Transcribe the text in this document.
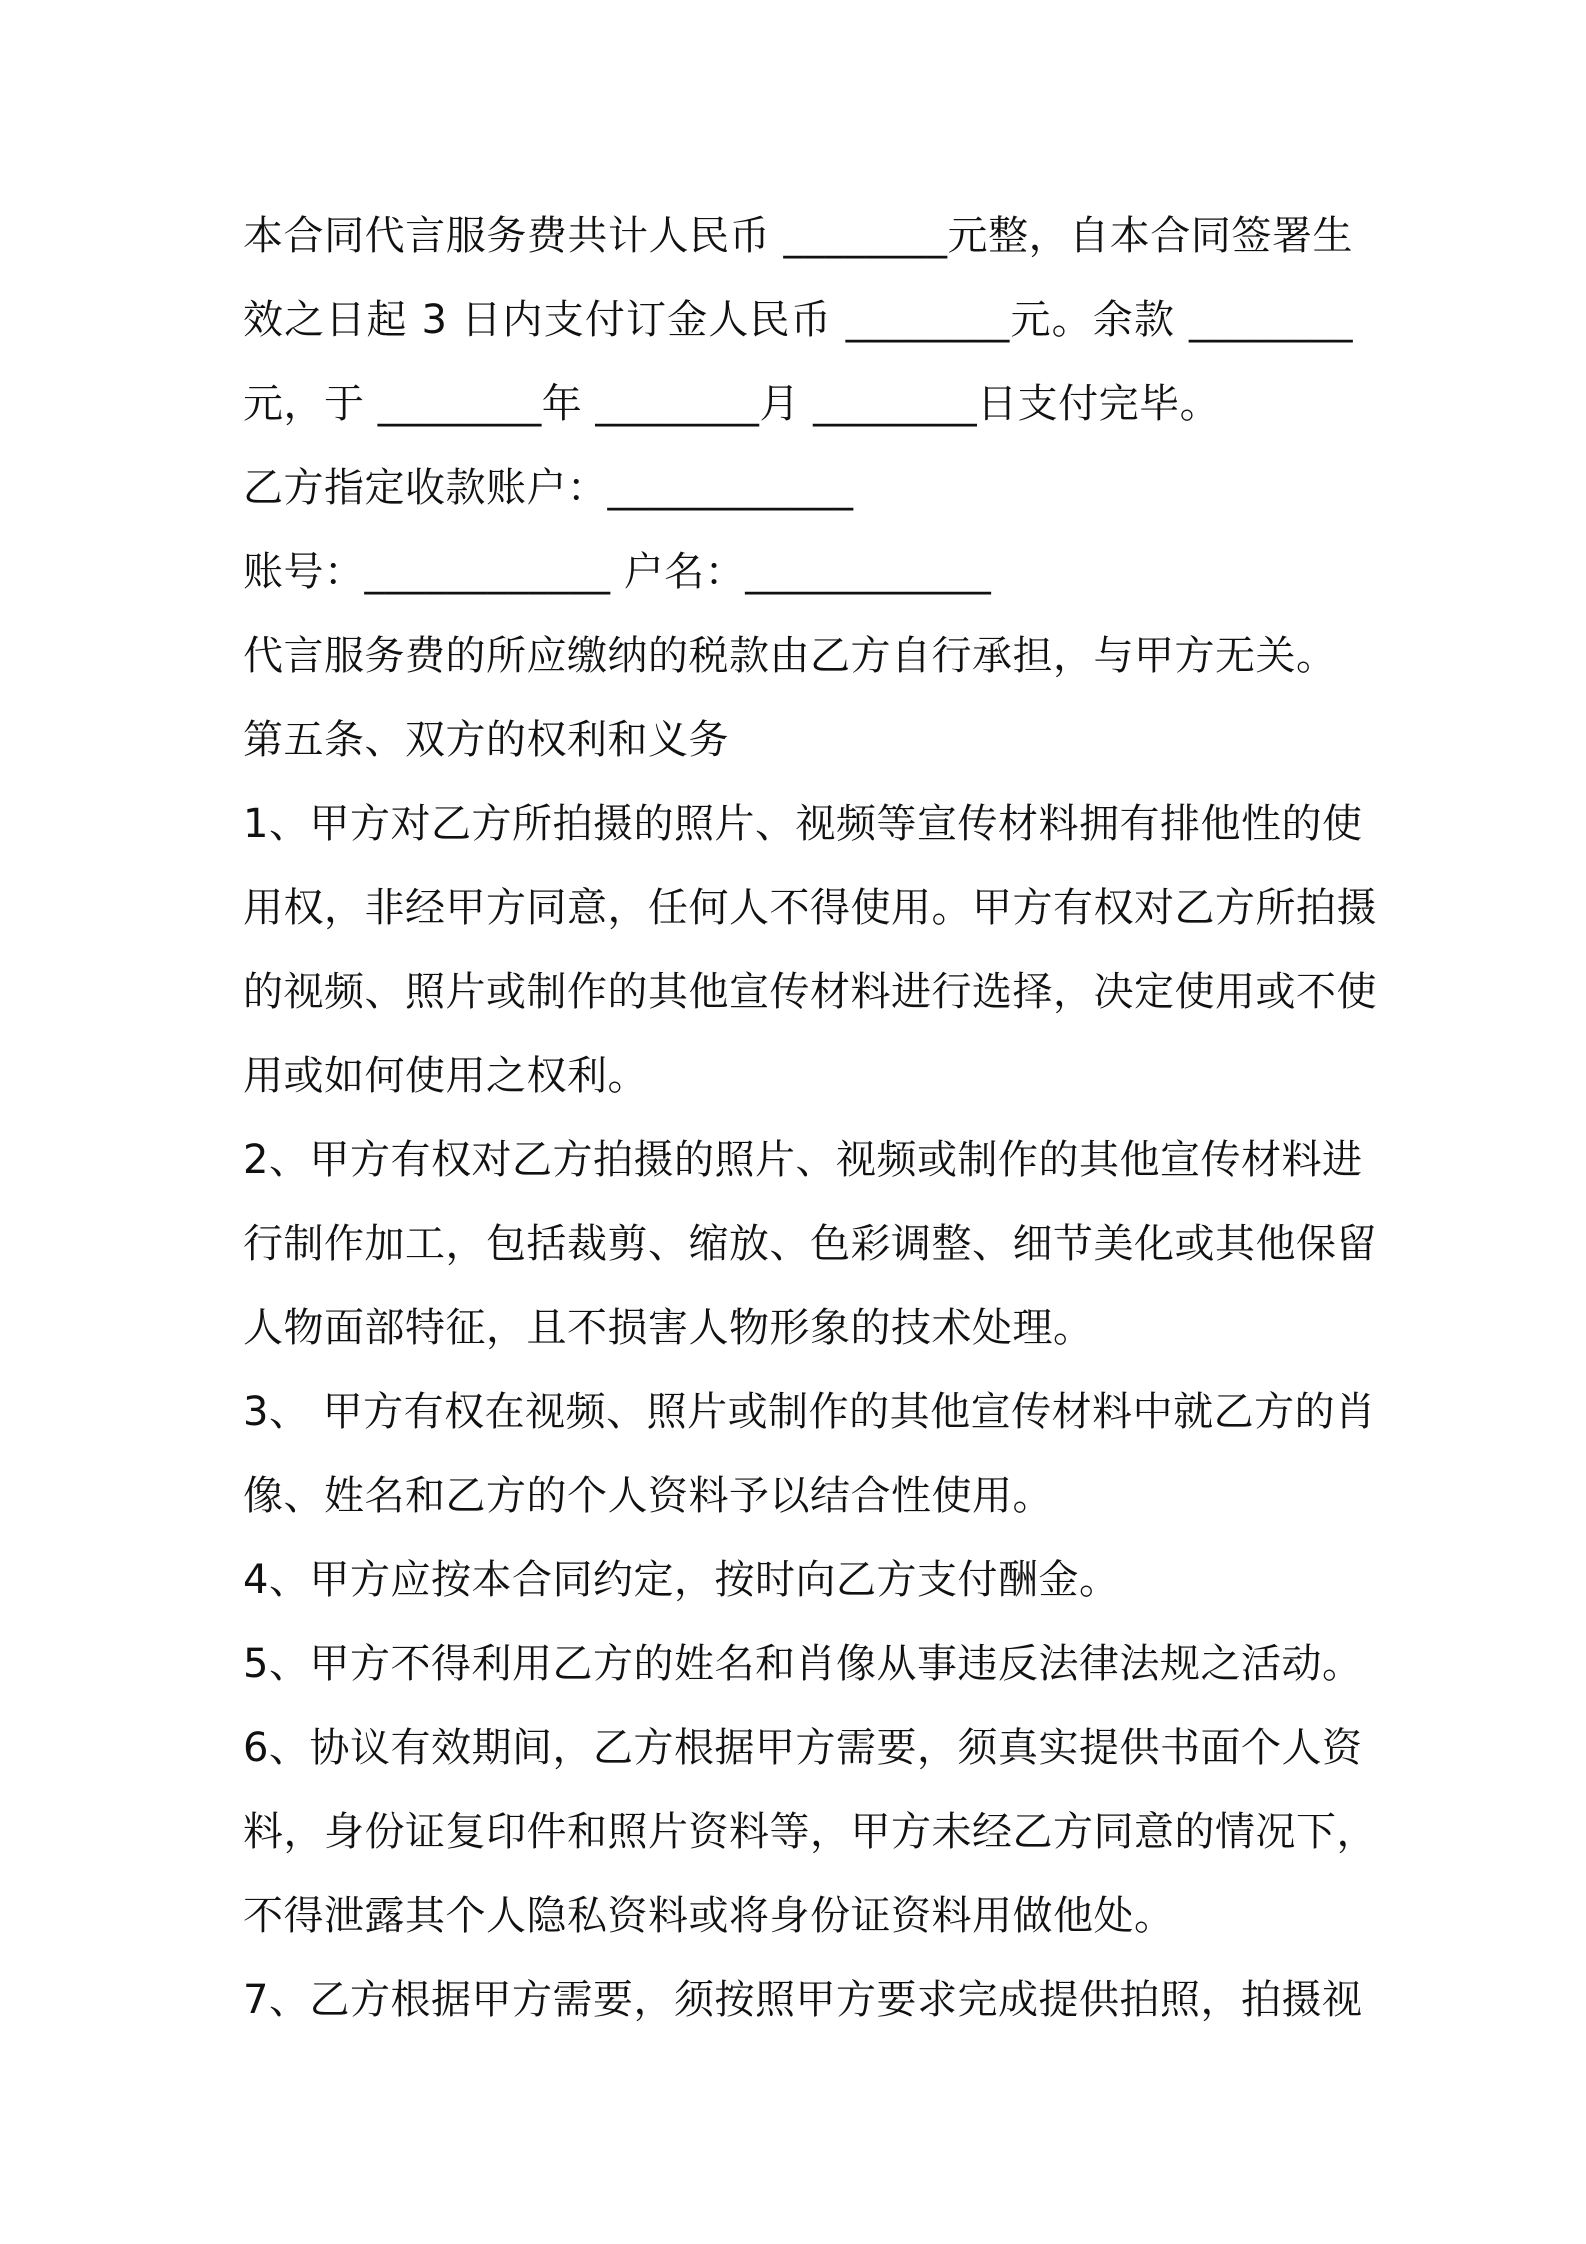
本合同代言服务费共计人民币 ________元整，自本合同签署生
效之日起 3 日内支付订金人民币 ________元。余款 ________
元，于 ________年 ________月 ________日支付完毕。
乙方指定收款账户：____________
账号：____________ 户名：____________
代言服务费的所应缴纳的税款由乙方自行承担，与甲方无关。
第五条、双方的权利和义务
1、甲方对乙方所拍摄的照片、视频等宣传材料拥有排他性的使
用权，非经甲方同意，任何人不得使用。甲方有权对乙方所拍摄
的视频、照片或制作的其他宣传材料进行选择，决定使用或不使
用或如何使用之权利。
2、甲方有权对乙方拍摄的照片、视频或制作的其他宣传材料进
行制作加工，包括裁剪、缩放、色彩调整、细节美化或其他保留
人物面部特征，且不损害人物形象的技术处理。
3、 甲方有权在视频、照片或制作的其他宣传材料中就乙方的肖
像、姓名和乙方的个人资料予以结合性使用。
4、甲方应按本合同约定，按时向乙方支付酬金。
5、甲方不得利用乙方的姓名和肖像从事违反法律法规之活动。
6、协议有效期间，乙方根据甲方需要，须真实提供书面个人资
料，身份证复印件和照片资料等，甲方未经乙方同意的情况下，
不得泄露其个人隐私资料或将身份证资料用做他处。
7、乙方根据甲方需要，须按照甲方要求完成提供拍照，拍摄视
